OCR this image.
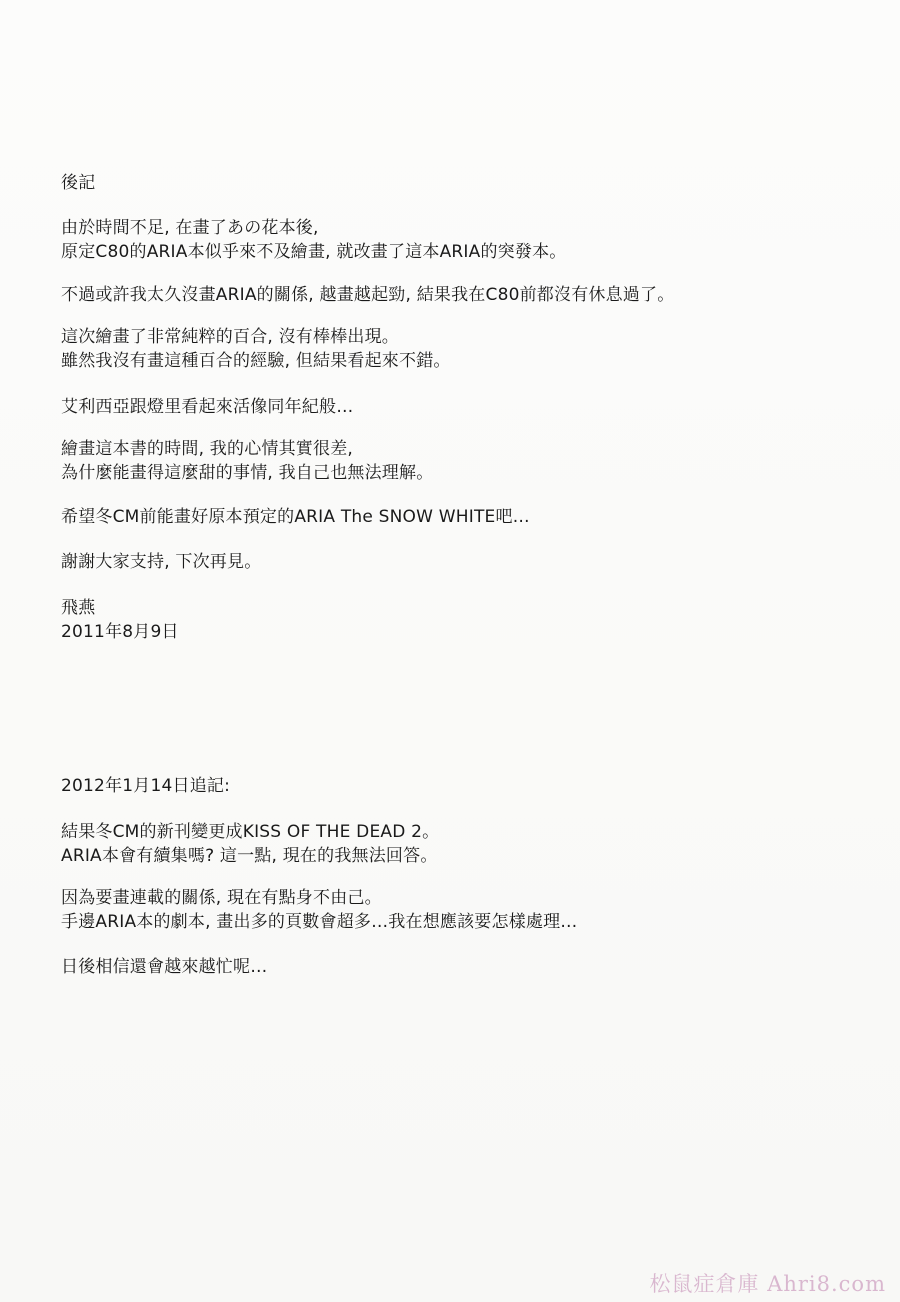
後記
由於時間不足, 在畫了あの花本後,
原定C80的ARIA本似乎來不及繪畫, 就改畫了這本ARIA的突發本。
不過或許我太久沒畫ARIA的關係, 越畫越起勁, 結果我在C80前都沒有休息過了。
這次繪畫了非常純粹的百合, 沒有棒棒出現。
雖然我沒有畫這種百合的經驗, 但結果看起來不錯。
艾利西亞跟燈里看起來活像同年紀般…
繪畫這本書的時間, 我的心情其實很差,
為什麼能畫得這麼甜的事情, 我自己也無法理解。
希望冬CM前能畫好原本預定的ARIA The SNOW WHITE吧…
謝謝大家支持, 下次再見。
飛燕
2011年8月9日
2012年1月14日追記:
結果冬CM的新刊變更成KISS OF THE DEAD 2。
ARIA本會有續集嗎? 這一點, 現在的我無法回答。
因為要畫連載的關係, 現在有點身不由己。
手邊ARIA本的劇本, 畫出多的頁數會超多…我在想應該要怎樣處理…
日後相信還會越來越忙呢…
松鼠症倉庫 Ahri8.com
